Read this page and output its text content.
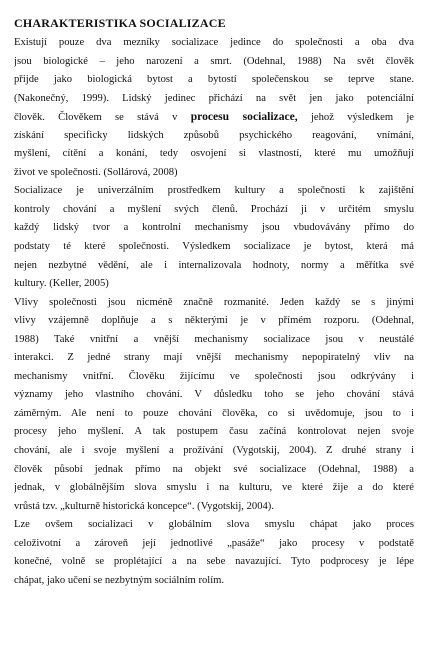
CHARAKTERISTIKA SOCIALIZACE
Existují pouze dva mezníky socializace jedince do společnosti a oba dva
jsou biologické – jeho narození a smrt. (Odehnal, 1988) Na svět člověk
přijde jako biologická bytost a bytostí společenskou se teprve stane.
(Nakonečný, 1999). Lidský jedinec přichází na svět jen jako potenciální
člověk. Člověkem se stává v procesu socializace, jehož výsledkem je
získání specificky lidských způsobů psychického reagování, vnímání,
myšlení, cítění a konání, tedy osvojení si vlastností, které mu umožňují
život ve společnosti. (Sollárová, 2008)
Socializace je univerzálním prostředkem kultury a společnosti k zajištění
kontroly chování a myšlení svých členů. Prochází ji v určitém smyslu
každý lidský tvor a kontrolní mechanismy jsou vbudovávány přímo do
podstaty té které společnosti. Výsledkem socializace je bytost, která má
nejen nezbytné vědění, ale i internalizovala hodnoty, normy a měřítka své
kultury. (Keller, 2005)
Vlivy společnosti jsou nicméně značně rozmanité. Jeden každý se s jinými
vlivy vzájemně doplňuje a s některými je v přímém rozporu. (Odehnal,
1988) Také vnitřní a vnější mechanismy socializace jsou v neustálé
interakci. Z jedné strany mají vnější mechanismy nepopiratelný vliv na
mechanismy vnitřní. Člověku žijícímu ve společnosti jsou odkrývány i
významy jeho vlastního chování. V důsledku toho se jeho chování stává
záměrným. Ale není to pouze chování člověka, co si uvědomuje, jsou to i
procesy jeho myšlení. A tak postupem času začíná kontrolovat nejen svoje
chování, ale i svoje myšlení a prožívání (Vygotskij, 2004). Z druhé strany i
člověk působí jednak přímo na objekt své socializace (Odehnal, 1988) a
jednak, v globálnějším slova smyslu i na kulturu, ve které žije a do které
vrůstá tzv. „kulturně historická koncepce“. (Vygotskij, 2004).
Lze ovšem socializaci v globálním slova smyslu chápat jako proces
celoživotní a zároveň její jednotlivé „pasáže“ jako procesy v podstatě
konečné, volně se proplétající a na sebe navazující. Tyto podprocesy je lépe
chápat, jako učení se nezbytným sociálním rolím.
